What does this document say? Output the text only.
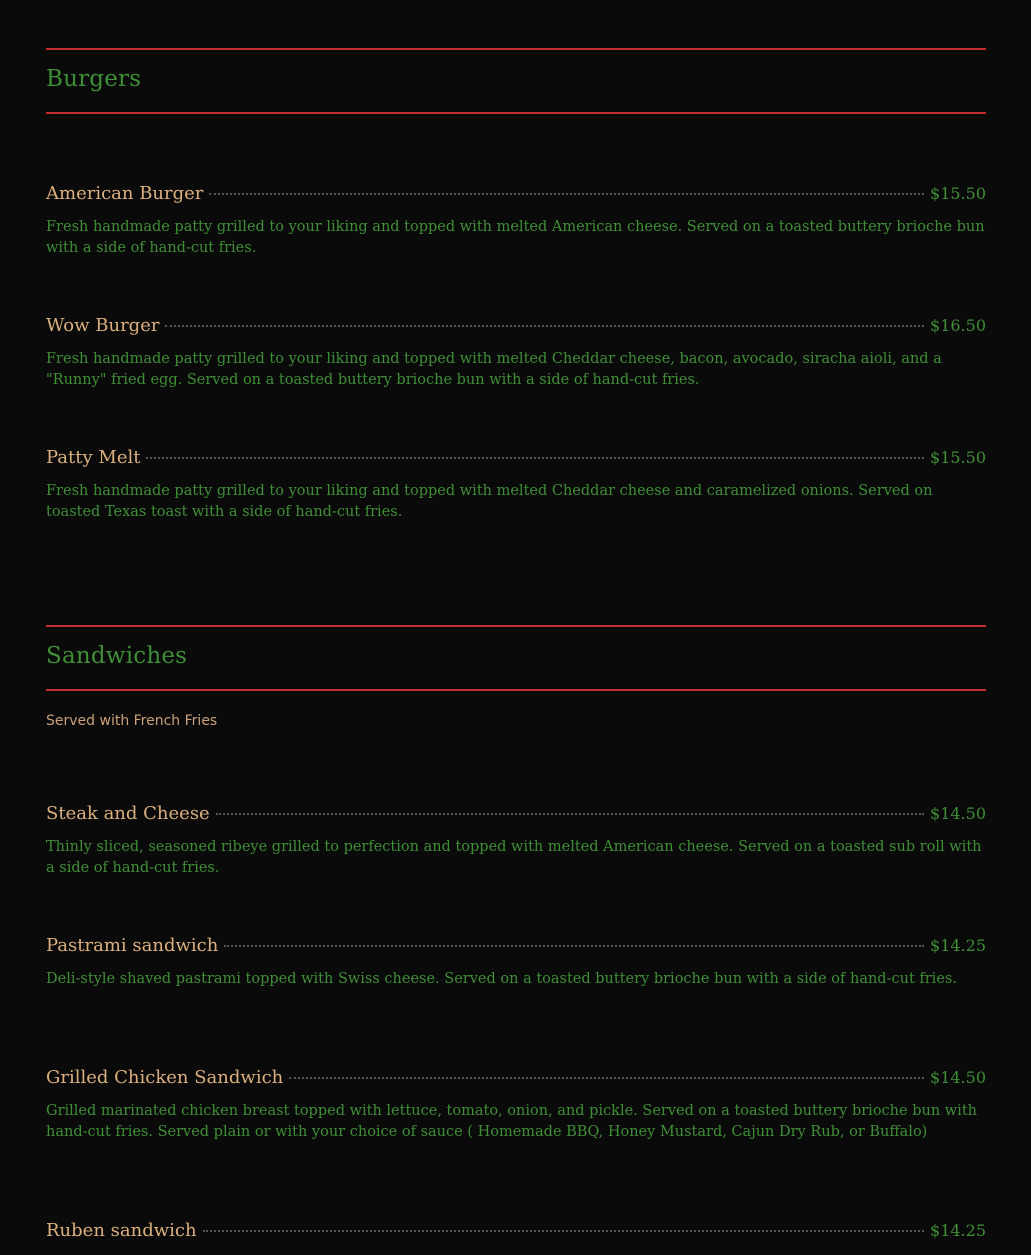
Burgers
American Burger	$15.50

Fresh handmade patty grilled to your liking and topped with melted American cheese. Served on a toasted buttery brioche bun with a side of hand-cut fries.

Wow Burger	$16.50

Fresh handmade patty grilled to your liking and topped with melted Cheddar cheese, bacon, avocado, siracha aioli, and a "Runny" fried egg. Served on a toasted buttery brioche bun with a side of hand-cut fries.

Patty Melt	$15.50

Fresh handmade patty grilled to your liking and topped with melted Cheddar cheese and caramelized onions. Served on toasted Texas toast with a side of hand-cut fries.

Sandwiches
Served with French Fries
Steak and Cheese	$14.50

Thinly sliced, seasoned ribeye grilled to perfection and topped with melted American cheese. Served on a toasted sub roll with a side of hand-cut fries.

Pastrami sandwich	$14.25

Deli-style shaved pastrami topped with Swiss cheese. Served on a toasted buttery brioche bun with a side of hand-cut fries.

Grilled Chicken Sandwich	$14.50

Grilled marinated chicken breast topped with lettuce, tomato, onion, and pickle. Served on a toasted buttery brioche bun with hand-cut fries. Served plain or with your choice of sauce ( Homemade BBQ, Honey Mustard, Cajun Dry Rub, or Buffalo)

Ruben sandwich	$14.25
